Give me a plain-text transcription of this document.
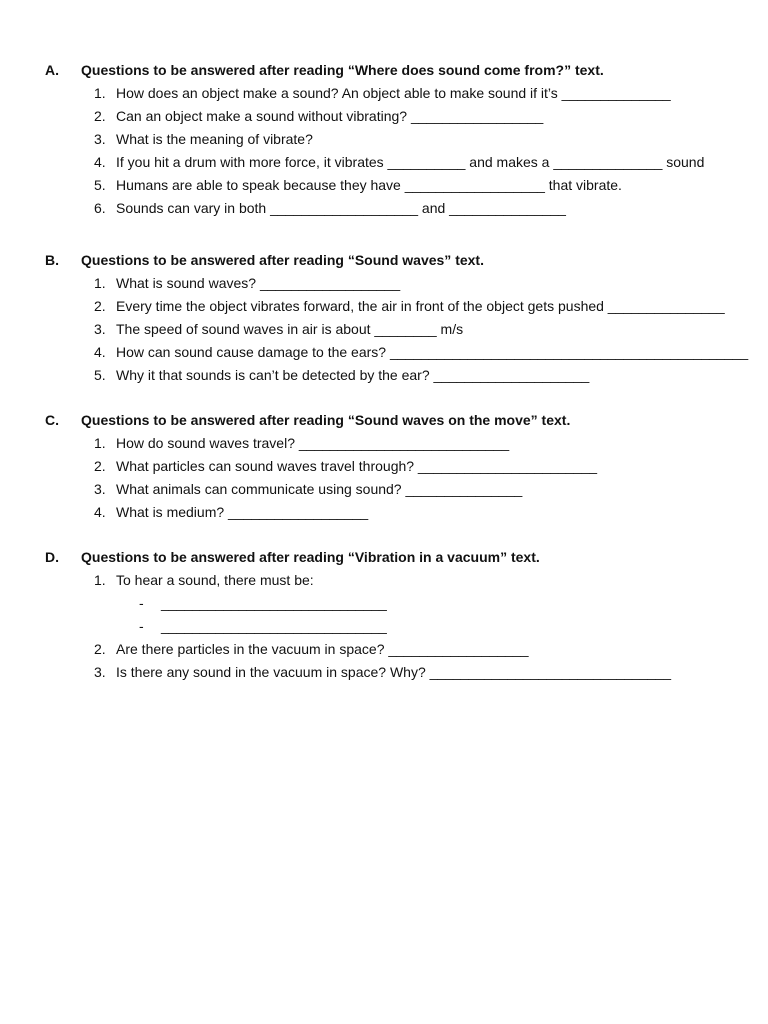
A. Questions to be answered after reading “Where does sound come from?” text.
1. How does an object make a sound? An object able to make sound if it’s ______________
2. Can an object make a sound without vibrating? _________________
3. What is the meaning of vibrate?
4. If you hit a drum with more force, it vibrates __________ and makes a ______________ sound
5. Humans are able to speak because they have __________________ that vibrate.
6. Sounds can vary in both ___________________ and _______________
B. Questions to be answered after reading “Sound waves” text.
1. What is sound waves? __________________
2. Every time the object vibrates forward, the air in front of the object gets pushed _______________
3. The speed of sound waves in air is about ________ m/s
4. How can sound cause damage to the ears? ______________________________________________
5. Why it that sounds is can’t be detected by the ear? ____________________
C. Questions to be answered after reading “Sound waves on the move” text.
1. How do sound waves travel? ___________________________
2. What particles can sound waves travel through? _______________________
3. What animals can communicate using sound? _______________
4. What is medium? __________________
D. Questions to be answered after reading “Vibration in a vacuum” text.
1. To hear a sound, there must be:
- _____________________________
- _____________________________
2. Are there particles in the vacuum in space? __________________
3. Is there any sound in the vacuum in space? Why? _______________________________
